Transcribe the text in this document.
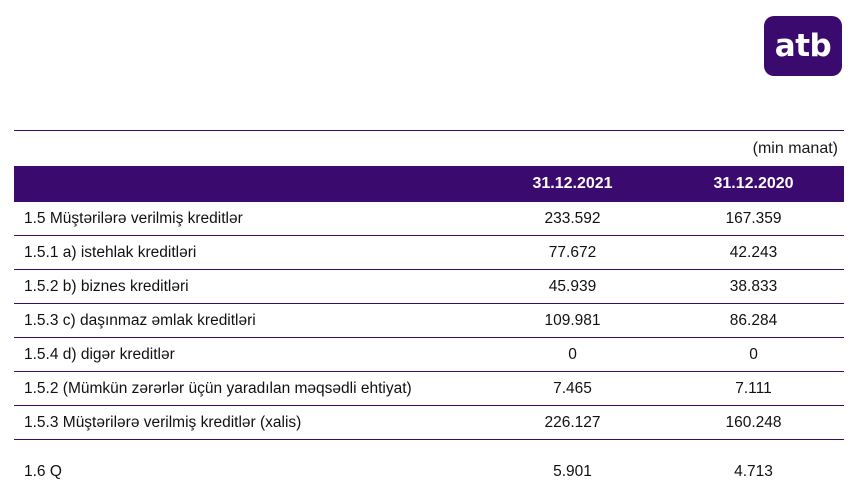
atb
(min manat)
	31.12.2021	31.12.2020
1.5 Müştərilərə verilmiş kreditlər	233.592	167.359
1.5.1 a) istehlak kreditləri	77.672	42.243
1.5.2 b) biznes kreditləri	45.939	38.833
1.5.3 c) daşınmaz əmlak kreditləri	109.981	86.284
1.5.4 d) digər kreditlər	0	0
1.5.2 (Mümkün zərərlər üçün yaradılan məqsədli ehtiyat)	7.465	7.111
1.5.3 Müştərilərə verilmiş kreditlər (xalis)	226.127	160.248
1.6 Q	5.901	4.713
